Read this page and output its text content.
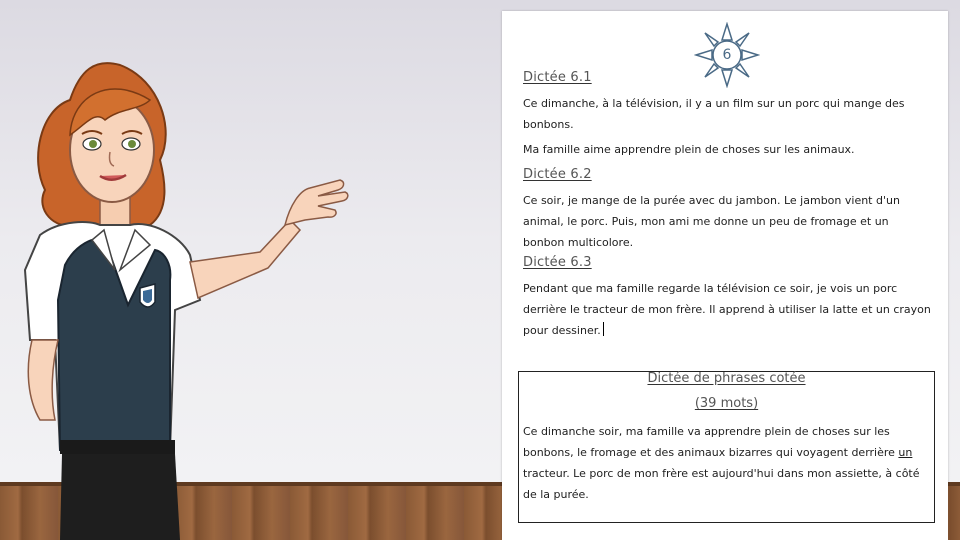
6
Dictée 6.1

Ce dimanche, à la télévision, il y a un film sur un porc qui mange des bonbons.

Ma famille aime apprendre plein de choses sur les animaux.

Dictée 6.2

Ce soir, je mange de la purée avec du jambon. Le jambon vient d'un animal, le porc. Puis, mon ami me donne un peu de fromage et un bonbon multicolore.

Dictée 6.3

Pendant que ma famille regarde la télévision ce soir, je vois un porc derrière le tracteur de mon frère. Il apprend à utiliser la latte et un crayon pour dessiner.

Dictée de phrases cotée
(39 mots)
Ce dimanche soir, ma famille va apprendre plein de choses sur les bonbons, le fromage et des animaux bizarres qui voyagent derrière un tracteur. Le porc de mon frère est aujourd'hui dans mon assiette, à côté de la purée.
